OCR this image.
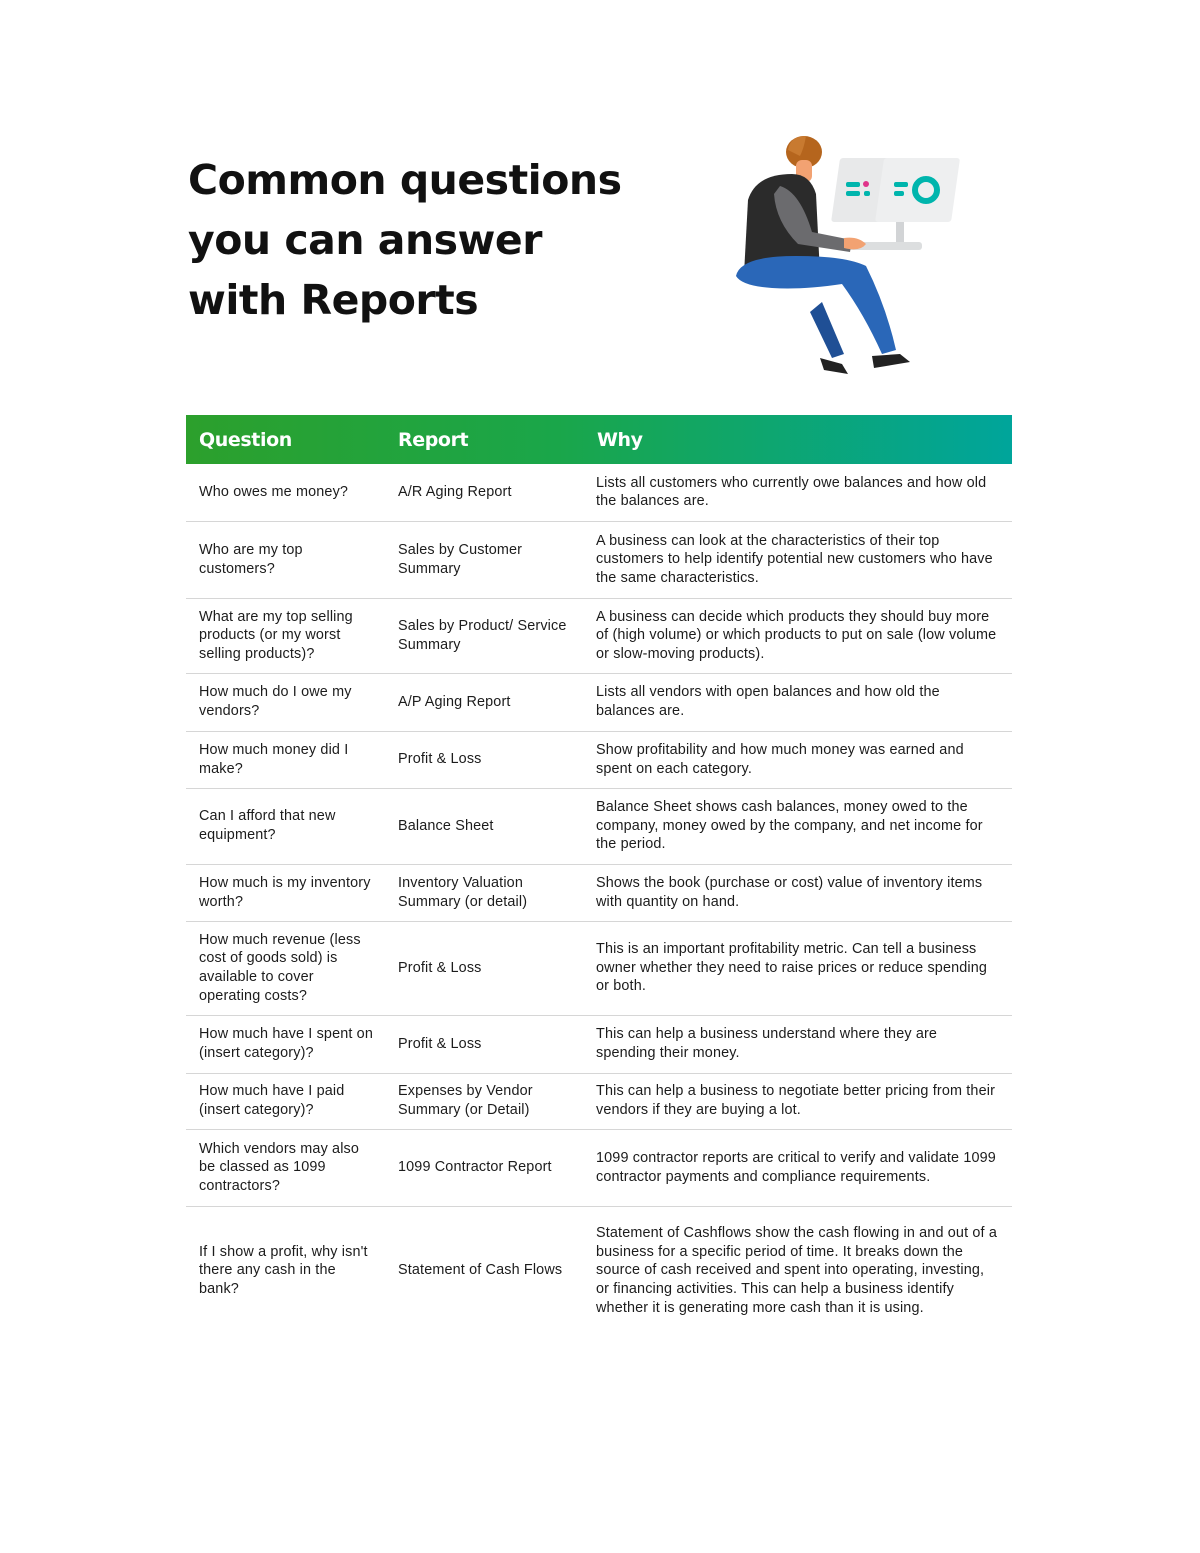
Common questions
you can answer
with Reports
Question	Report	Why
Who owes me money?	A/R Aging Report	Lists all customers who currently owe balances and how old the balances are.
Who are my top customers?	Sales by Customer Summary	A business can look at the characteristics of their top customers to help identify potential new customers who have the same characteristics.
What are my top selling products (or my worst selling products)?	Sales by Product/ Service Summary	A business can decide which products they should buy more of (high volume) or which products to put on sale (low volume or slow-moving products).
How much do I owe my vendors?	A/P Aging Report	Lists all vendors with open balances and how old the balances are.
How much money did I make?	Profit & Loss	Show profitability and how much money was earned and spent on each category.
Can I afford that new equipment?	Balance Sheet	Balance Sheet shows cash balances, money owed to the company, money owed by the company, and net income for the period.
How much is my inventory worth?	Inventory Valuation Summary (or detail)	Shows the book (purchase or cost) value of inventory items with quantity on hand.
How much revenue (less cost of goods sold) is available to cover operating costs?	Profit & Loss	This is an important profitability metric. Can tell a business owner whether they need to raise prices or reduce spending or both.
How much have I spent on (insert category)?	Profit & Loss	This can help a business understand where they are spending their money.
How much have I paid (insert category)?	Expenses by Vendor Summary (or Detail)	This can help a business to negotiate better pricing from their vendors if they are buying a lot.
Which vendors may also be classed as 1099 contractors?	1099 Contractor Report	1099 contractor reports are critical to verify and validate 1099 contractor payments and compliance requirements.
If I show a profit, why isn't there any cash in the bank?	Statement of Cash Flows	Statement of Cashflows show the cash flowing in and out of a business for a specific period of time. It breaks down the source of cash received and spent into operating, investing, or financing activities. This can help a business identify whether it is generating more cash than it is using.
